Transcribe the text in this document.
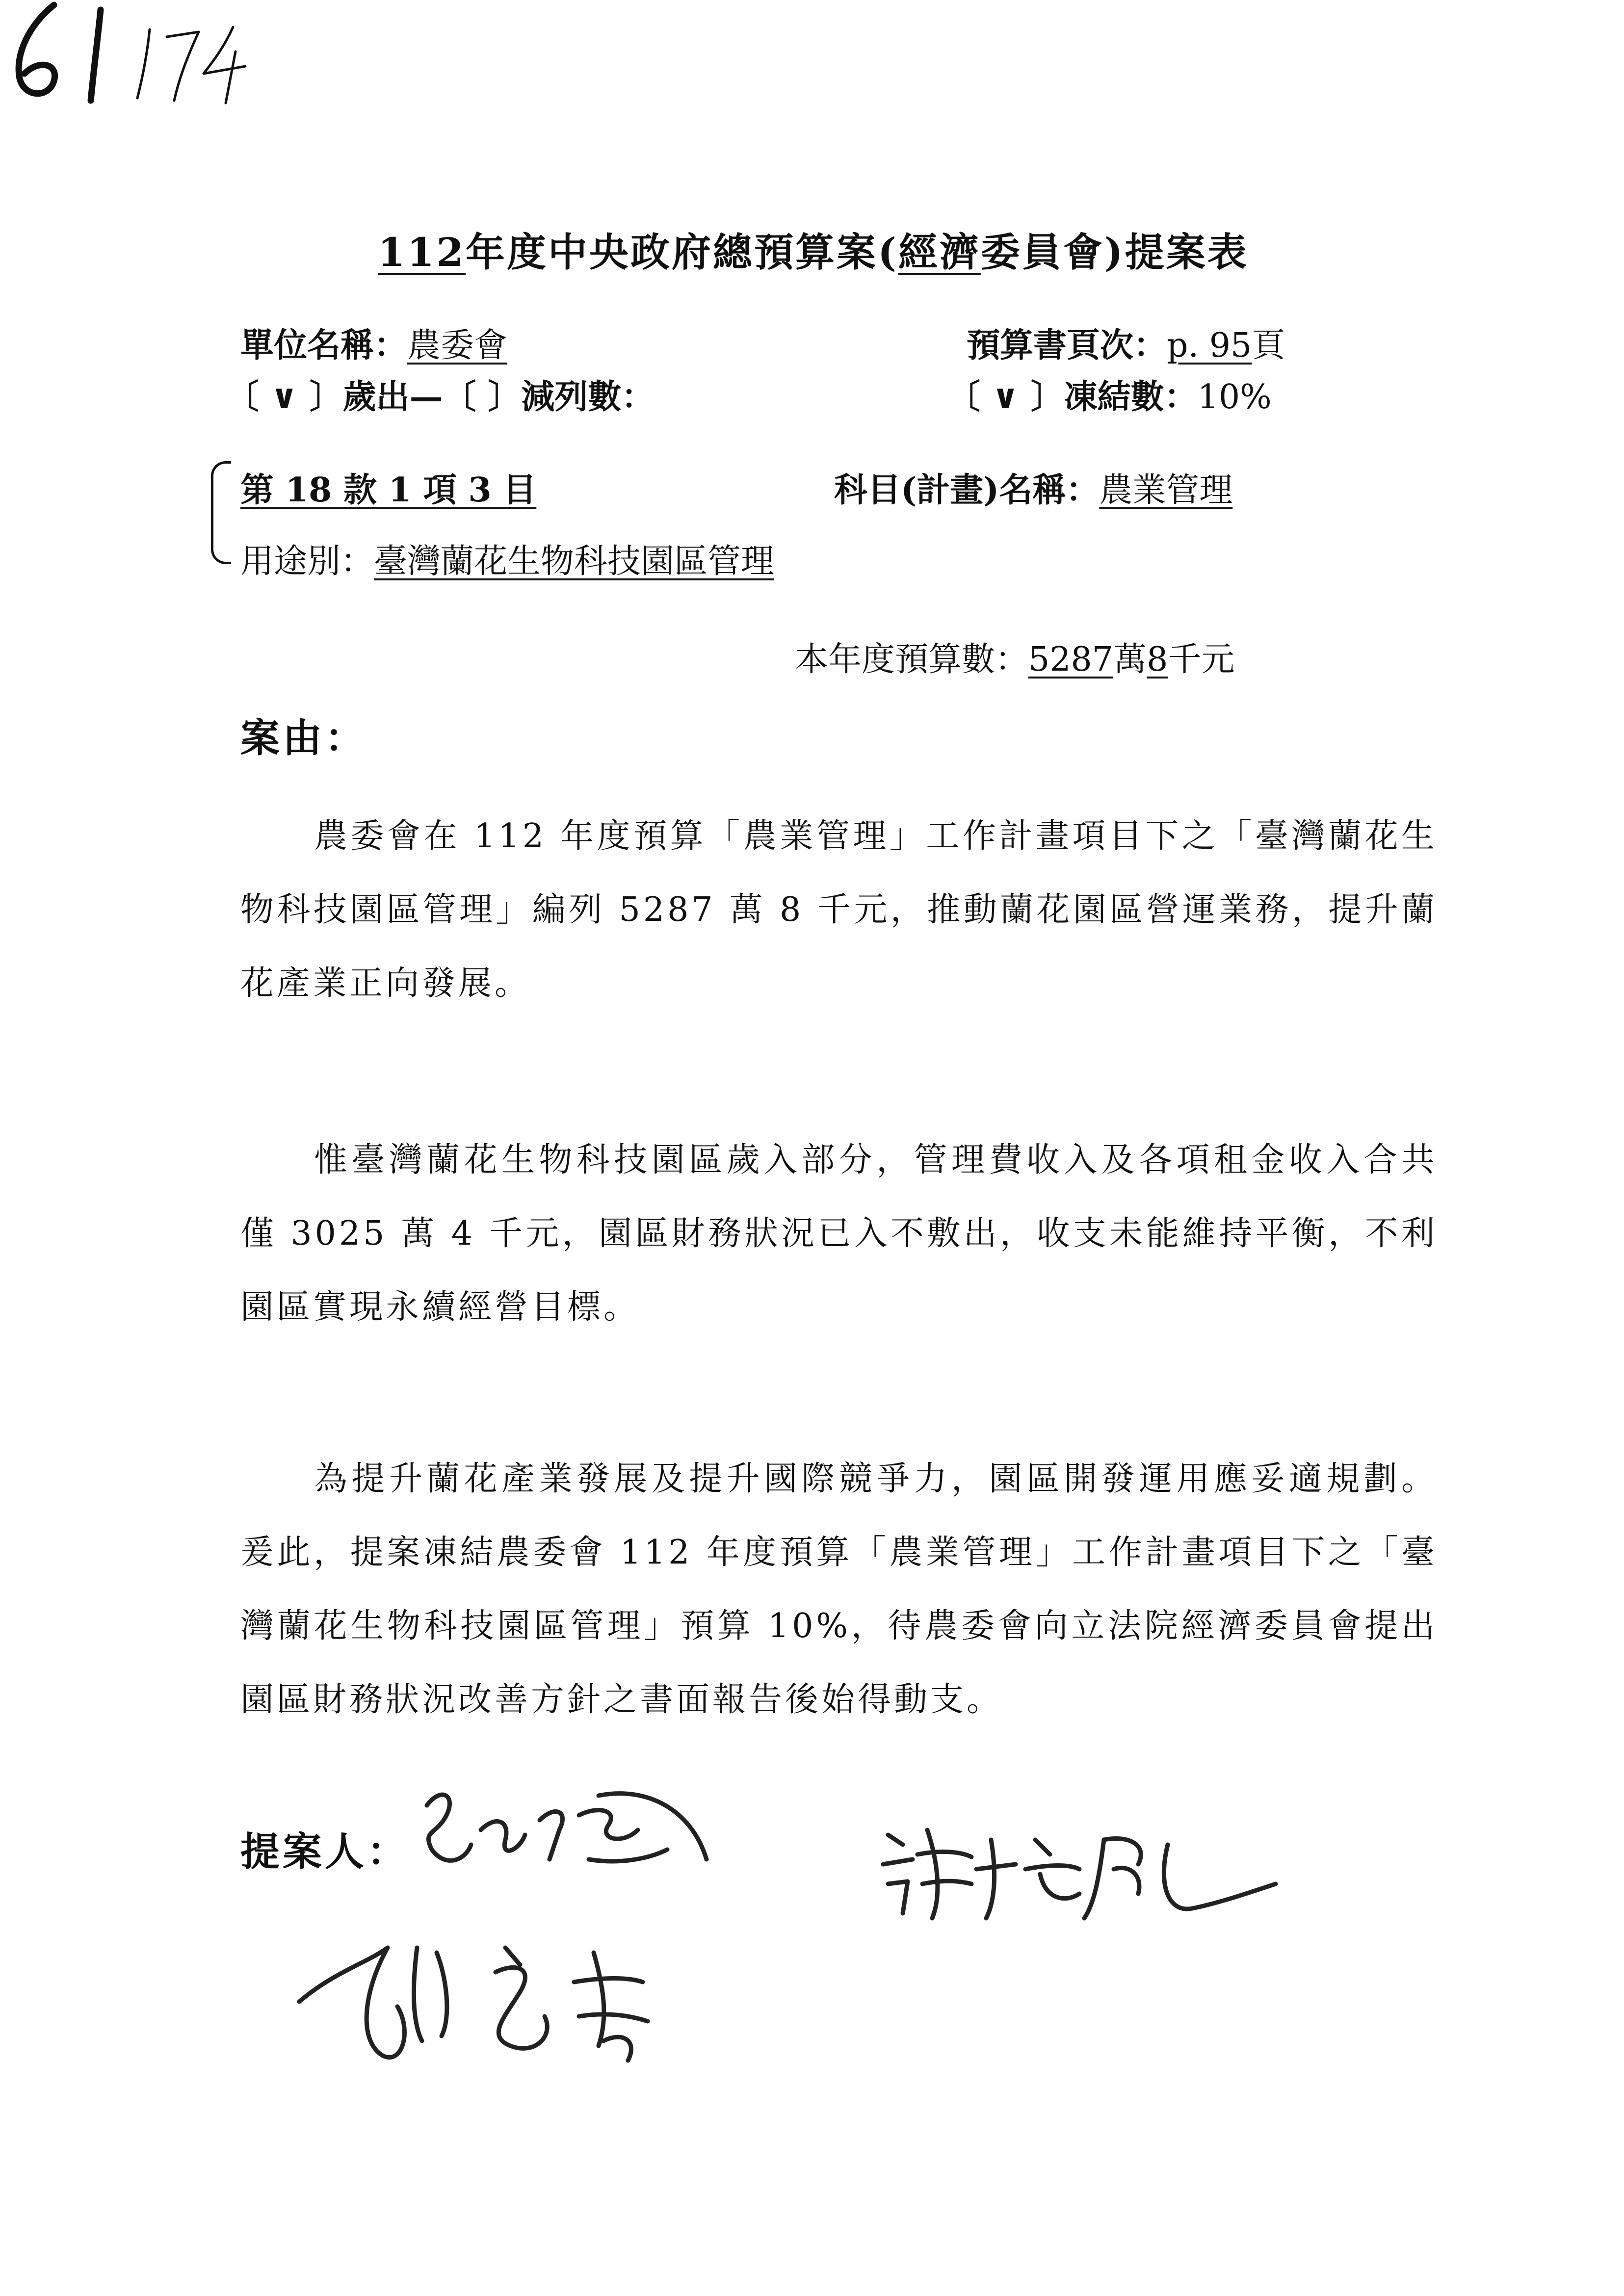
112年度中央政府總預算案(經濟委員會)提案表
單位名稱：農委會	預算書頁次：p. 95頁
〔 ∨ 〕歲出—〔 〕減列數：	〔 ∨ 〕凍結數：10%
第 18 款 1 項 3 目	科目(計畫)名稱：農業管理
用途別：臺灣蘭花生物科技園區管理
本年度預算數：5287萬8千元
案由：

農委會在 112 年度預算「農業管理」工作計畫項目下之「臺灣蘭花生物科技園區管理」編列 5287 萬 8 千元，推動蘭花園區營運業務，提升蘭花產業正向發展。

惟臺灣蘭花生物科技園區歲入部分，管理費收入及各項租金收入合共僅 3025 萬 4 千元，園區財務狀況已入不敷出，收支未能維持平衡，不利園區實現永續經營目標。

為提升蘭花產業發展及提升國際競爭力，園區開發運用應妥適規劃。爰此，提案凍結農委會 112 年度預算「農業管理」工作計畫項目下之「臺灣蘭花生物科技園區管理」預算 10%，待農委會向立法院經濟委員會提出園區財務狀況改善方針之書面報告後始得動支。

提案人：
